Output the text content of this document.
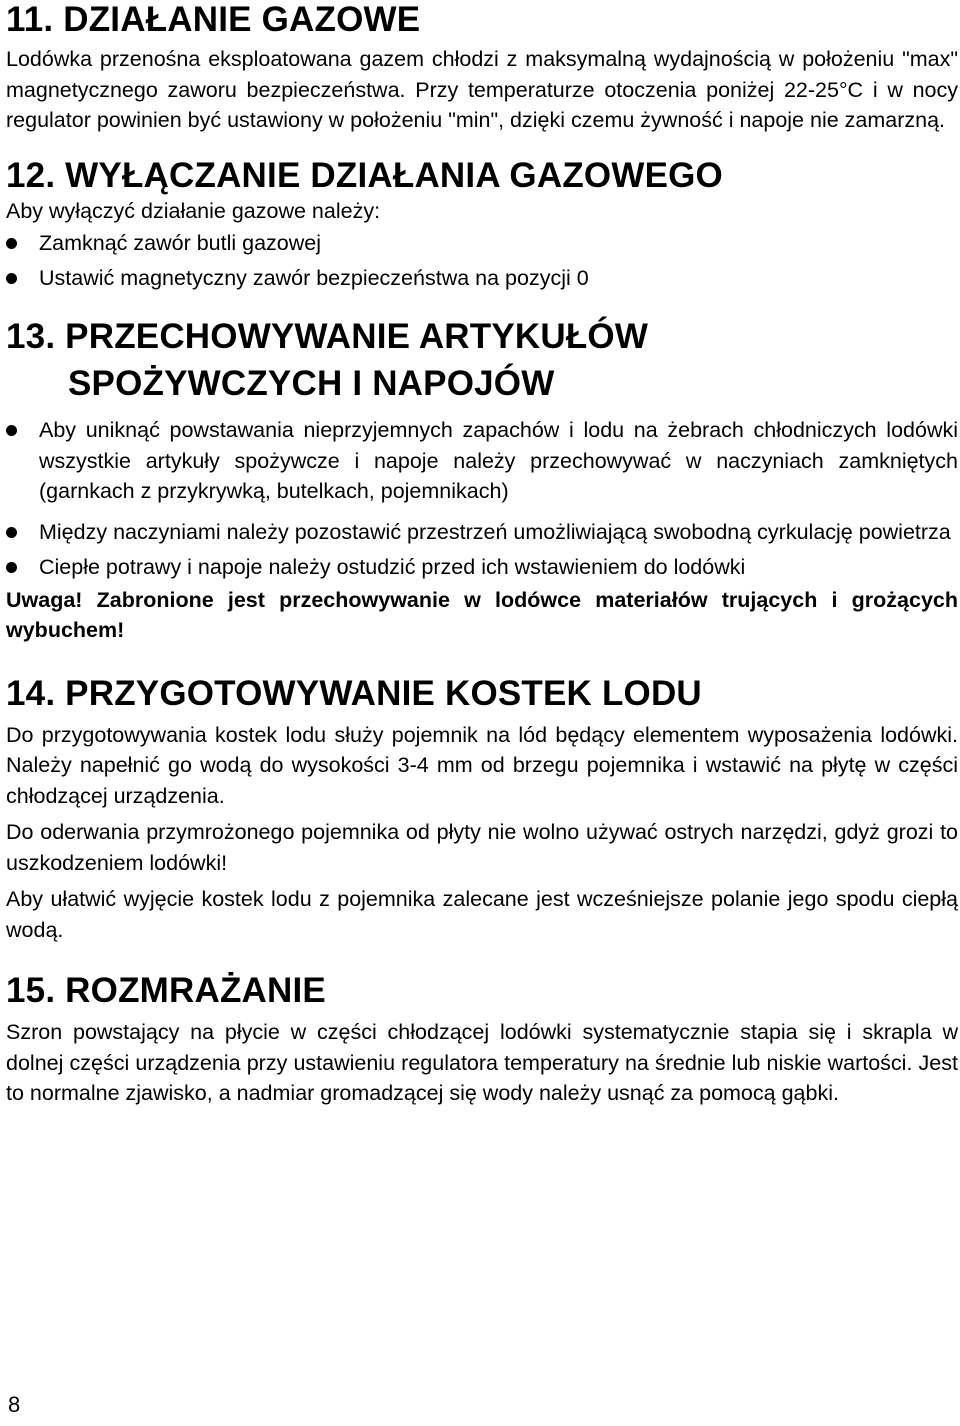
11. DZIAŁANIE GAZOWE

Lodówka przenośna eksploatowana gazem chłodzi z maksymalną wydajnością w położeniu "max" magnetycznego zaworu bezpieczeństwa. Przy temperaturze otoczenia poniżej 22-25°C i w nocy regulator powinien być ustawiony w położeniu "min", dzięki czemu żywność i napoje nie zamarzną.

12. WYŁĄCZANIE DZIAŁANIA GAZOWEGO

Aby wyłączyć działanie gazowe należy:

Zamknąć zawór butli gazowej
Ustawić magnetyczny zawór bezpieczeństwa na pozycji 0
13. PRZECHOWYWANIE ARTYKUŁÓW
SPOŻYWCZYCH I NAPOJÓW
Aby uniknąć powstawania nieprzyjemnych zapachów i lodu na żebrach chłodniczych lodówki wszystkie artykuły spożywcze i napoje należy przechowywać w naczyniach zamkniętych (garnkach z przykrywką, butelkach, pojemnikach)
Między naczyniami należy pozostawić przestrzeń umożliwiającą swobodną cyrkulację powietrza
Ciepłe potrawy i napoje należy ostudzić przed ich wstawieniem do lodówki

Uwaga! Zabronione jest przechowywanie w lodówce materiałów trujących i grożących wybuchem!

14. PRZYGOTOWYWANIE KOSTEK LODU

Do przygotowywania kostek lodu służy pojemnik na lód będący elementem wyposażenia lodówki. Należy napełnić go wodą do wysokości 3-4 mm od brzegu pojemnika i wstawić na płytę w części chłodzącej urządzenia.

Do oderwania przymrożonego pojemnika od płyty nie wolno używać ostrych narzędzi, gdyż grozi to uszkodzeniem lodówki!

Aby ułatwić wyjęcie kostek lodu z pojemnika zalecane jest wcześniejsze polanie jego spodu ciepłą wodą.

15. ROZMRAŻANIE

Szron powstający na płycie w części chłodzącej lodówki systematycznie stapia się i skrapla w dolnej części urządzenia przy ustawieniu regulatora temperatury na średnie lub niskie wartości. Jest to normalne zjawisko, a nadmiar gromadzącej się wody należy usnąć za pomocą gąbki.

8
